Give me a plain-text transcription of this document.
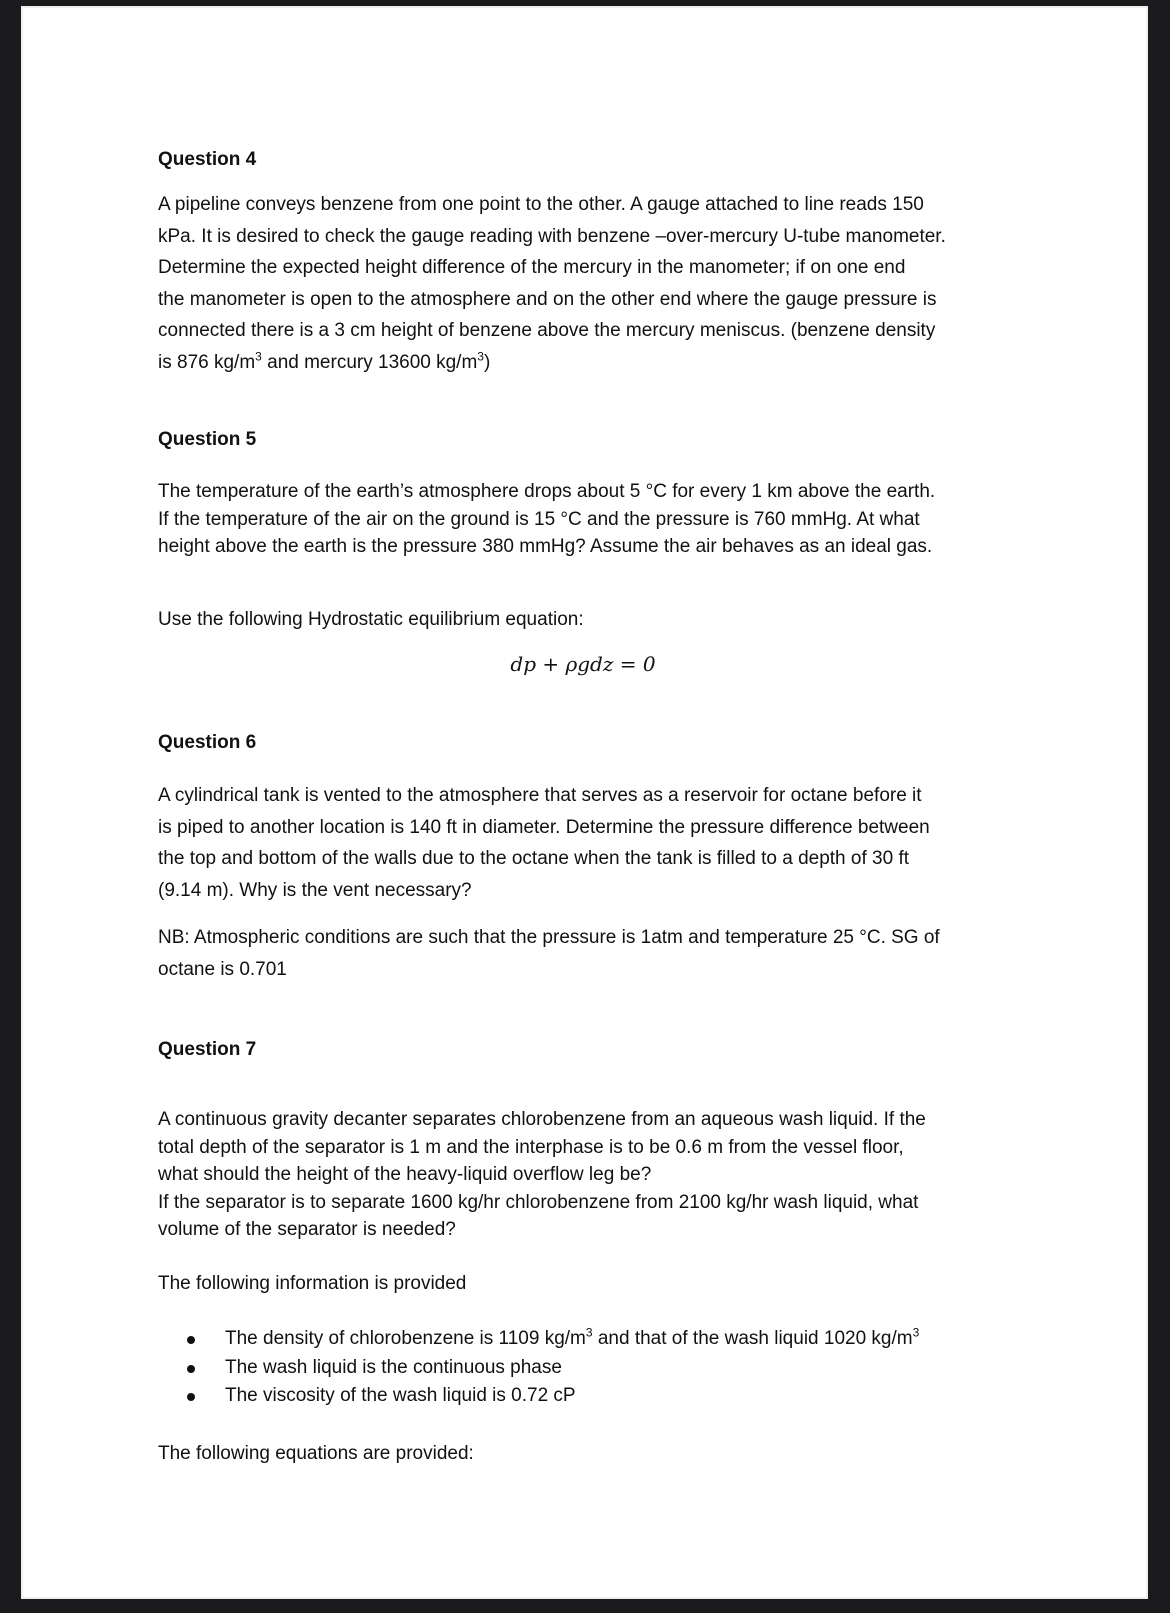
Question 4
A pipeline conveys benzene from one point to the other. A gauge attached to line reads 150
kPa. It is desired to check the gauge reading with benzene –over-mercury U-tube manometer.
Determine the expected height difference of the mercury in the manometer; if on one end
the manometer is open to the atmosphere and on the other end where the gauge pressure is
connected there is a 3 cm height of benzene above the mercury meniscus. (benzene density
is 876 $kg/m^3$ and mercury 13600 $kg/m^3$)
Question 5
The temperature of the earth’s atmosphere drops about 5 °C for every 1 km above the earth.
If the temperature of the air on the ground is 15 °C and the pressure is 760 mmHg. At what
height above the earth is the pressure 380 mmHg? Assume the air behaves as an ideal gas.
Use the following Hydrostatic equilibrium equation:
dp + ρgdz = 0
Question 6
A cylindrical tank is vented to the atmosphere that serves as a reservoir for octane before it
is piped to another location is 140 ft in diameter. Determine the pressure difference between
the top and bottom of the walls due to the octane when the tank is filled to a depth of 30 ft
(9.14 m). Why is the vent necessary?
NB: Atmospheric conditions are such that the pressure is 1atm and temperature 25 °C. SG of
octane is 0.701
Question 7
A continuous gravity decanter separates chlorobenzene from an aqueous wash liquid. If the
total depth of the separator is 1 m and the interphase is to be 0.6 m from the vessel floor,
what should the height of the heavy-liquid overflow leg be?
If the separator is to separate 1600 kg/hr chlorobenzene from 2100 kg/hr wash liquid, what
volume of the separator is needed?
The following information is provided
The density of chlorobenzene is 1109 $kg/m^3$ and that of the wash liquid 1020 $kg/m^3$
The wash liquid is the continuous phase
The viscosity of the wash liquid is 0.72 cP
The following equations are provided:
